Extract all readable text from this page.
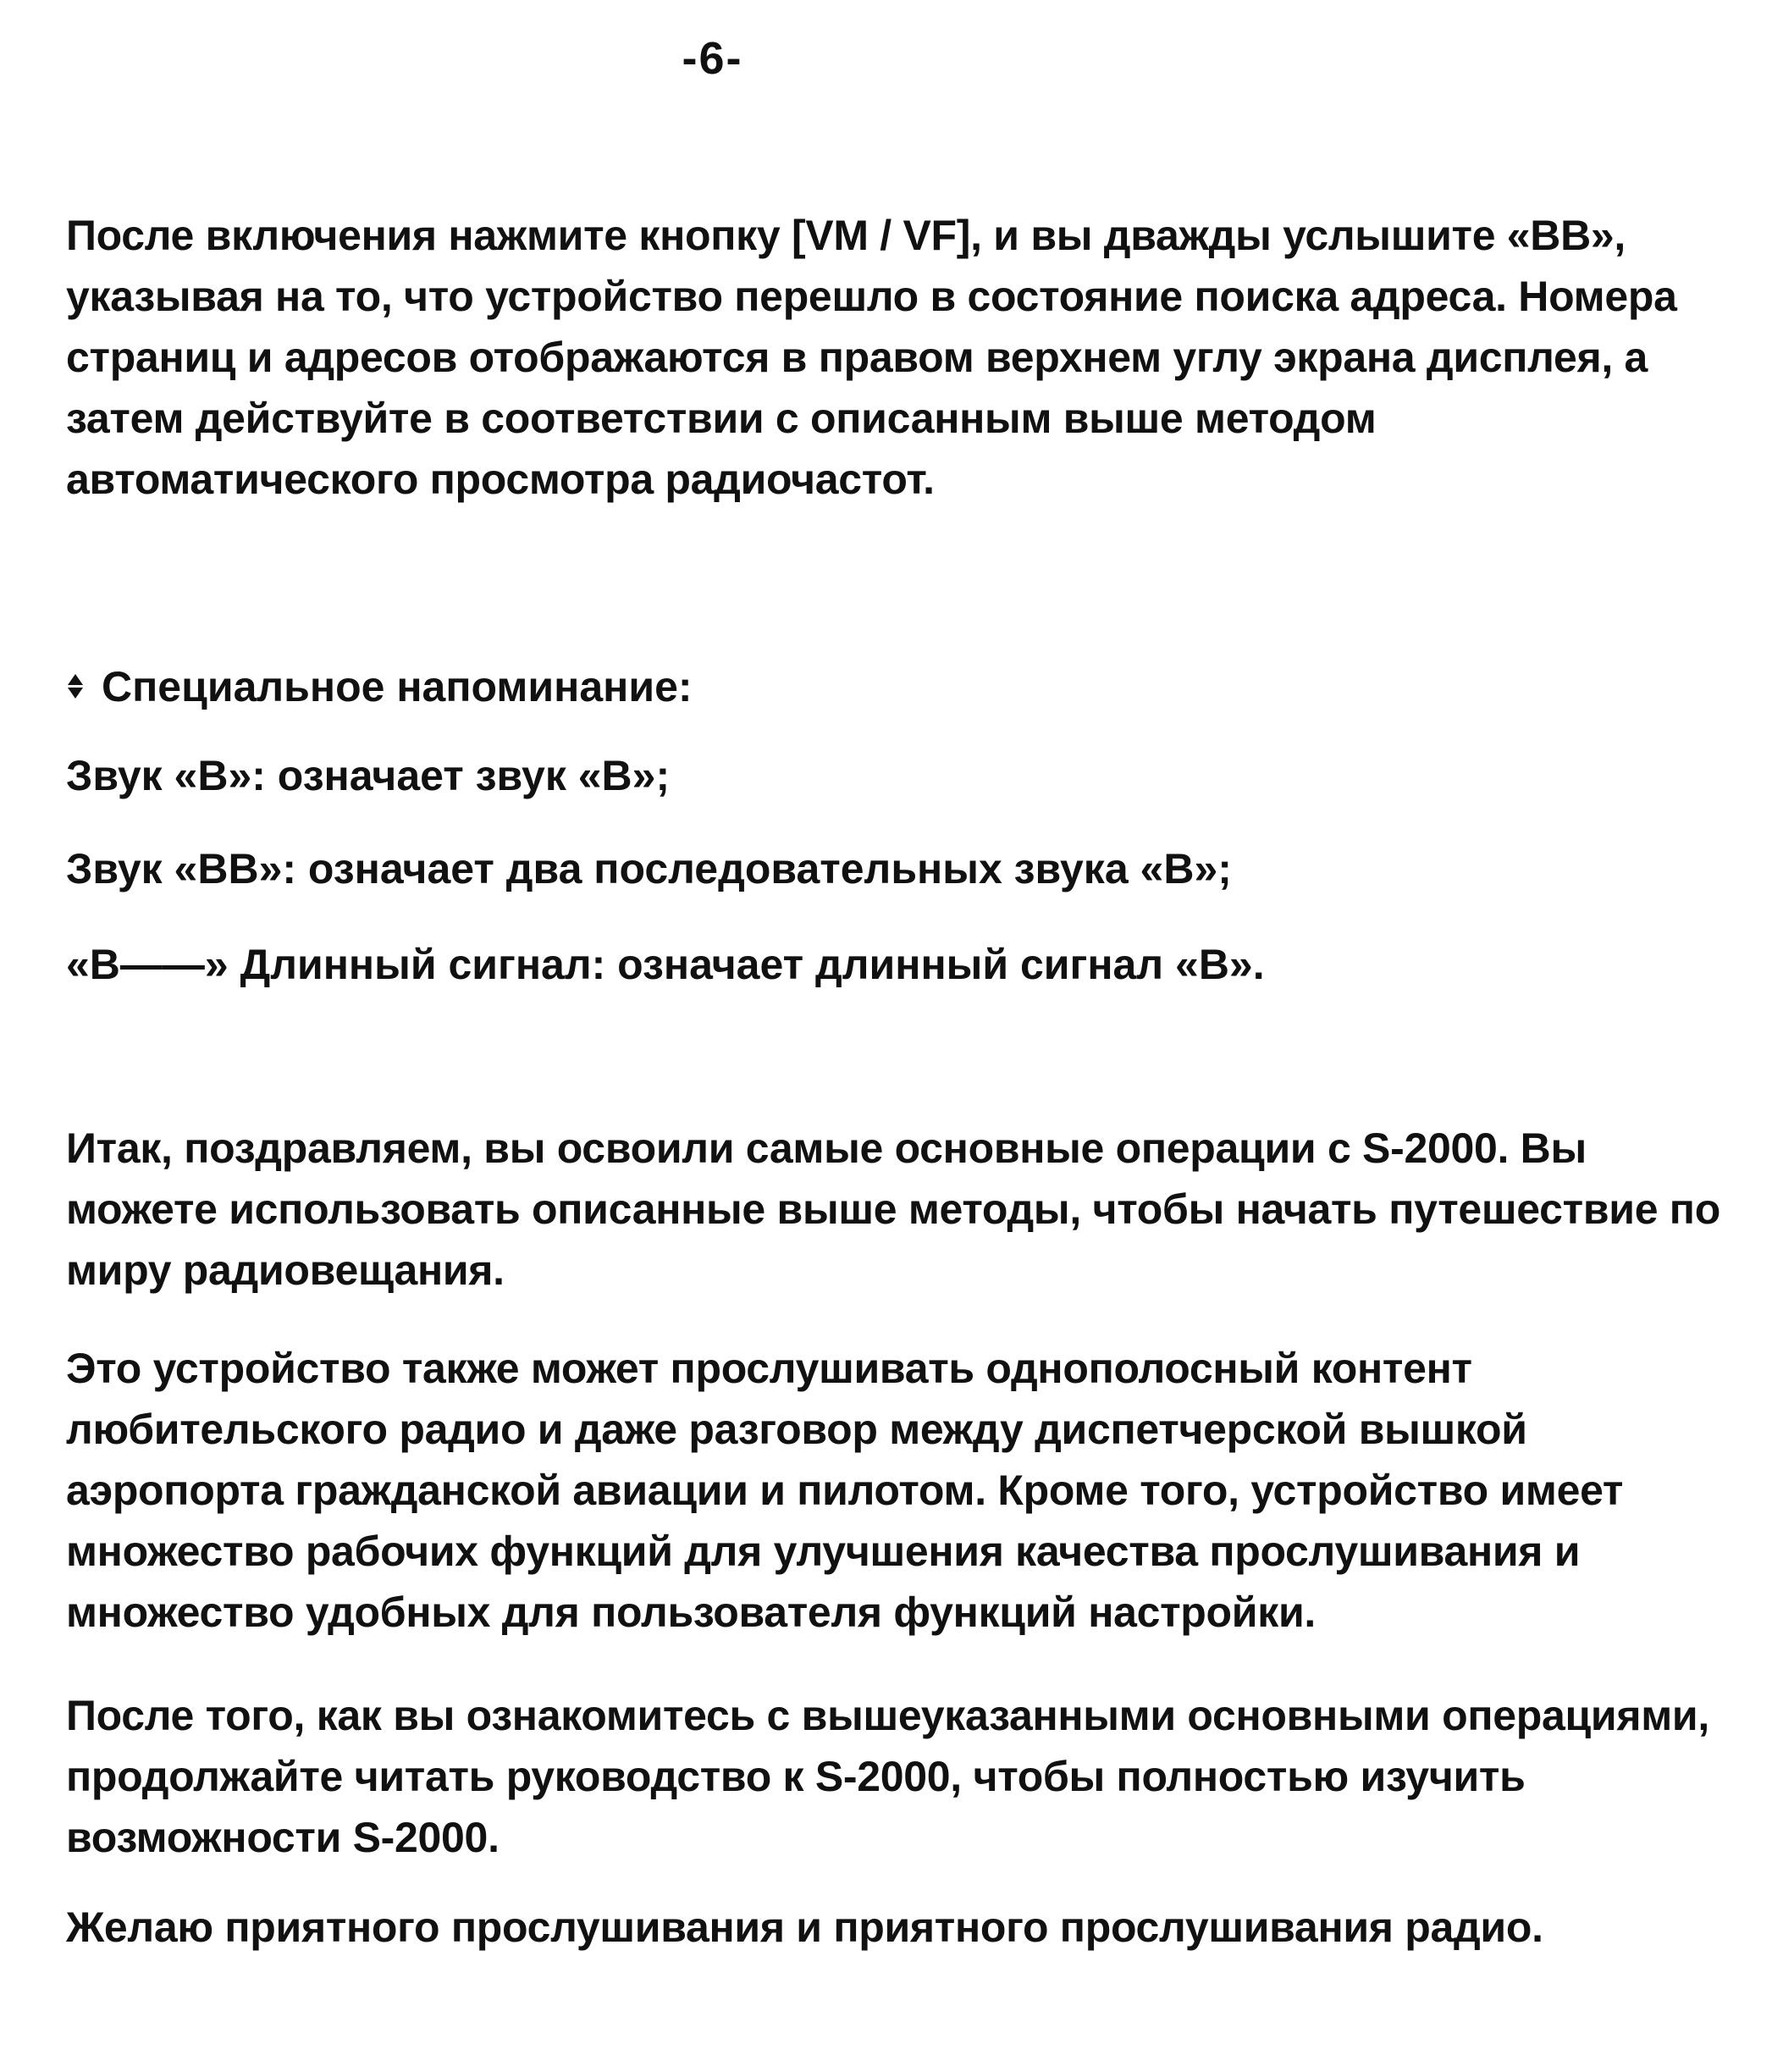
-6-

После включения нажмите кнопку [VM / VF], и вы дважды услышите «BB», указывая на то, что устройство перешло в состояние поиска адреса. Номера страниц и адресов отображаются в правом верхнем углу экрана дисплея, а затем действуйте в соответствии с описанным выше методом автоматического просмотра радиочастот.

Специальное напоминание:
Звук «B»: означает звук «B»;
Звук «BB»: означает два последовательных звука «B»;
«B——» Длинный сигнал: означает длинный сигнал «B».

Итак, поздравляем, вы освоили самые основные операции с S-2000. Вы можете использовать описанные выше методы, чтобы начать путешествие по миру радиовещания.

Это устройство также может прослушивать однополосный контент любительского радио и даже разговор между диспетчерской вышкой аэропорта гражданской авиации и пилотом. Кроме того, устройство имеет множество рабочих функций для улучшения качества прослушивания и множество удобных для пользователя функций настройки.

После того, как вы ознакомитесь с вышеуказанными основными операциями, продолжайте читать руководство к S-2000, чтобы полностью изучить возможности S-2000.

Желаю приятного прослушивания и приятного прослушивания радио.
